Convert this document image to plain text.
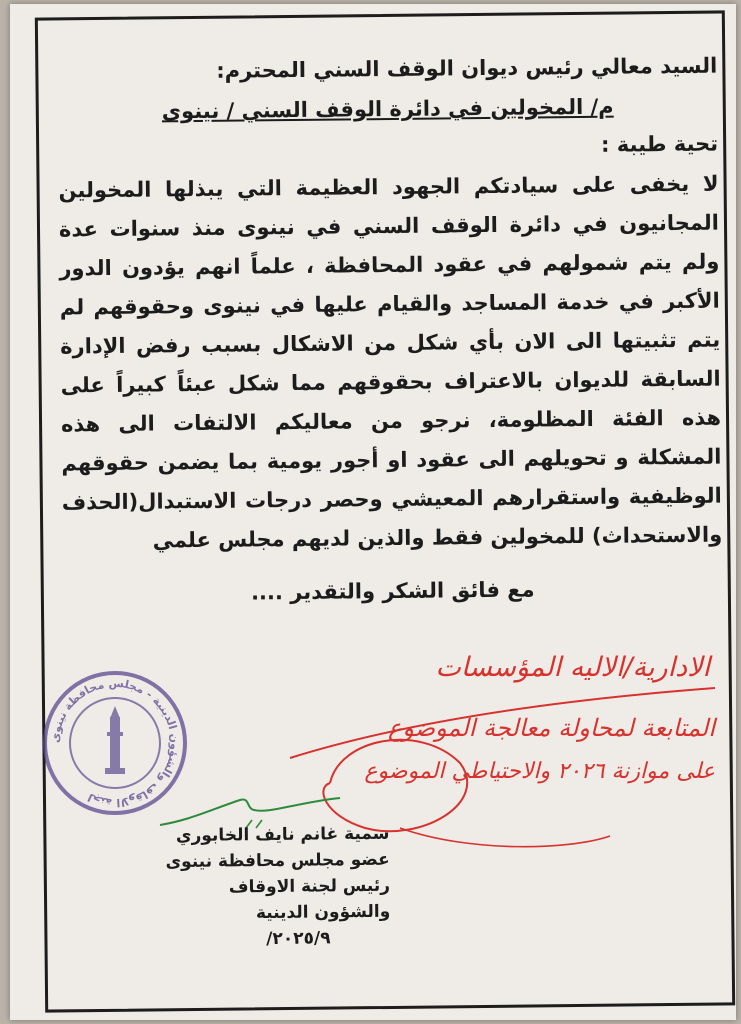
السيد معالي رئيس ديوان الوقف السني المحترم:
م/ المخولين في دائرة الوقف السني / نينوى
تحية طيبة :
لا يخفى على سيادتكم الجهود العظيمة التي يبذلها المخولين المجانيون في دائرة الوقف السني في نينوى منذ سنوات عدة ولم يتم شمولهم في عقود المحافظة ، علماً انهم يؤدون الدور الأكبر في خدمة المساجد والقيام عليها في نينوى وحقوقهم لم يتم تثبيتها الى الان بأي شكل من الاشكال بسبب رفض الإدارة السابقة للديوان بالاعتراف بحقوقهم مما شكل عبئاً كبيراً على هذه الفئة المظلومة، نرجو من معاليكم الالتفات الى هذه المشكلة و تحويلهم الى عقود او أجور يومية بما يضمن حقوقهم الوظيفية واستقرارهم المعيشي وحصر درجات الاستبدال(الحذف والاستحداث) للمخولين فقط والذين لديهم مجلس علمي
مع فائق الشكر والتقدير ....
لجنة الاوقاف والشؤون الدينية - مجلس محافظة نينوى
الادارية/الاليه المؤسسات
المتابعة لمحاولة معالجة الموضوع
على موازنة ٢٠٢٦ والاحتياطي الموضوع
سمية غانم نايف الخابوري
عضو مجلس محافظة نينوى
رئيس لجنة الاوقاف والشؤون الدينية
٢٠٢٥/٩/
